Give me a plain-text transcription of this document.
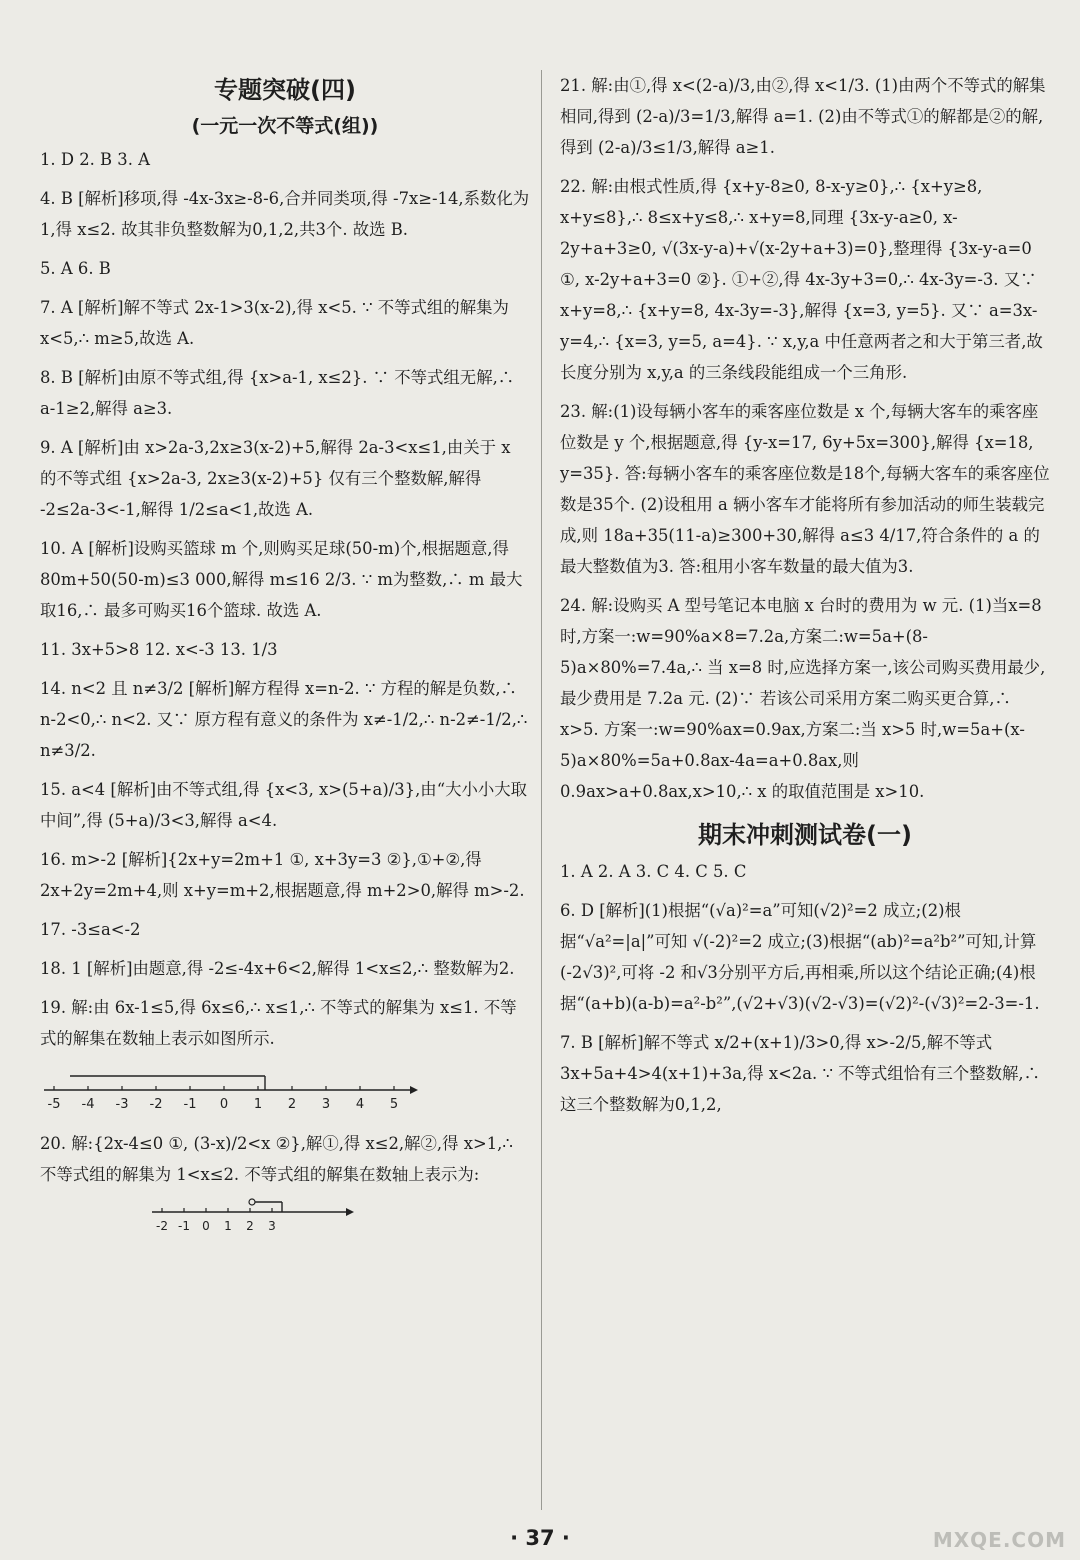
专题突破(四)
(一元一次不等式(组))
1. D 2. B 3. A
4. B [解析]移项,得 -4x-3x≥-8-6,合并同类项,得 -7x≥-14,系数化为1,得 x≤2. 故其非负整数解为0,1,2,共3个. 故选 B.
5. A 6. B
7. A [解析]解不等式 2x-1>3(x-2),得 x<5. ∵ 不等式组的解集为 x<5,∴ m≥5,故选 A.
8. B [解析]由原不等式组,得 {x>a-1, x≤2}. ∵ 不等式组无解,∴ a-1≥2,解得 a≥3.
9. A [解析]由 x>2a-3,2x≥3(x-2)+5,解得 2a-3<x≤1,由关于 x 的不等式组 {x>2a-3, 2x≥3(x-2)+5} 仅有三个整数解,解得 -2≤2a-3<-1,解得 1/2≤a<1,故选 A.
10. A [解析]设购买篮球 m 个,则购买足球(50-m)个,根据题意,得 80m+50(50-m)≤3 000,解得 m≤16 2/3. ∵ m为整数,∴ m 最大取16,∴ 最多可购买16个篮球. 故选 A.
11. 3x+5>8 12. x<-3 13. 1/3
14. n<2 且 n≠3/2 [解析]解方程得 x=n-2. ∵ 方程的解是负数,∴ n-2<0,∴ n<2. 又∵ 原方程有意义的条件为 x≠-1/2,∴ n-2≠-1/2,∴ n≠3/2.
15. a<4 [解析]由不等式组,得 {x<3, x>(5+a)/3},由“大小小大取中间”,得 (5+a)/3<3,解得 a<4.
16. m>-2 [解析]{2x+y=2m+1 ①, x+3y=3 ②},①+②,得 2x+2y=2m+4,则 x+y=m+2,根据题意,得 m+2>0,解得 m>-2.
17. -3≤a<-2
18. 1 [解析]由题意,得 -2≤-4x+6<2,解得 1<x≤2,∴ 整数解为2.
19. 解:由 6x-1≤5,得 6x≤6,∴ x≤1,∴ 不等式的解集为 x≤1. 不等式的解集在数轴上表示如图所示.
-5 -4 -3 -2 -1 0 1 2 3 4 5
20. 解:{2x-4≤0 ①, (3-x)/2<x ②},解①,得 x≤2,解②,得 x>1,∴ 不等式组的解集为 1<x≤2. 不等式组的解集在数轴上表示为:
-2 -1 0 1 2 3
21. 解:由①,得 x<(2-a)/3,由②,得 x<1/3. (1)由两个不等式的解集相同,得到 (2-a)/3=1/3,解得 a=1. (2)由不等式①的解都是②的解,得到 (2-a)/3≤1/3,解得 a≥1.
22. 解:由根式性质,得 {x+y-8≥0, 8-x-y≥0},∴ {x+y≥8, x+y≤8},∴ 8≤x+y≤8,∴ x+y=8,同理 {3x-y-a≥0, x-2y+a+3≥0, √(3x-y-a)+√(x-2y+a+3)=0},整理得 {3x-y-a=0 ①, x-2y+a+3=0 ②}. ①+②,得 4x-3y+3=0,∴ 4x-3y=-3. 又∵ x+y=8,∴ {x+y=8, 4x-3y=-3},解得 {x=3, y=5}. 又∵ a=3x-y=4,∴ {x=3, y=5, a=4}. ∵ x,y,a 中任意两者之和大于第三者,故长度分别为 x,y,a 的三条线段能组成一个三角形.
23. 解:(1)设每辆小客车的乘客座位数是 x 个,每辆大客车的乘客座位数是 y 个,根据题意,得 {y-x=17, 6y+5x=300},解得 {x=18, y=35}. 答:每辆小客车的乘客座位数是18个,每辆大客车的乘客座位数是35个. (2)设租用 a 辆小客车才能将所有参加活动的师生装载完成,则 18a+35(11-a)≥300+30,解得 a≤3 4/17,符合条件的 a 的最大整数值为3. 答:租用小客车数量的最大值为3.
24. 解:设购买 A 型号笔记本电脑 x 台时的费用为 w 元. (1)当x=8时,方案一:w=90%a×8=7.2a,方案二:w=5a+(8-5)a×80%=7.4a,∴ 当 x=8 时,应选择方案一,该公司购买费用最少,最少费用是 7.2a 元. (2)∵ 若该公司采用方案二购买更合算,∴ x>5. 方案一:w=90%ax=0.9ax,方案二:当 x>5 时,w=5a+(x-5)a×80%=5a+0.8ax-4a=a+0.8ax,则 0.9ax>a+0.8ax,x>10,∴ x 的取值范围是 x>10.
期末冲刺测试卷(一)
1. A 2. A 3. C 4. C 5. C
6. D [解析](1)根据“(√a)²=a”可知(√2)²=2 成立;(2)根据“√a²=|a|”可知 √(-2)²=2 成立;(3)根据“(ab)²=a²b²”可知,计算(-2√3)²,可将 -2 和√3分别平方后,再相乘,所以这个结论正确;(4)根据“(a+b)(a-b)=a²-b²”,(√2+√3)(√2-√3)=(√2)²-(√3)²=2-3=-1.
7. B [解析]解不等式 x/2+(x+1)/3>0,得 x>-2/5,解不等式 3x+5a+4>4(x+1)+3a,得 x<2a. ∵ 不等式组恰有三个整数解,∴ 这三个整数解为0,1,2,
· 37 ·	MXQE.COM
